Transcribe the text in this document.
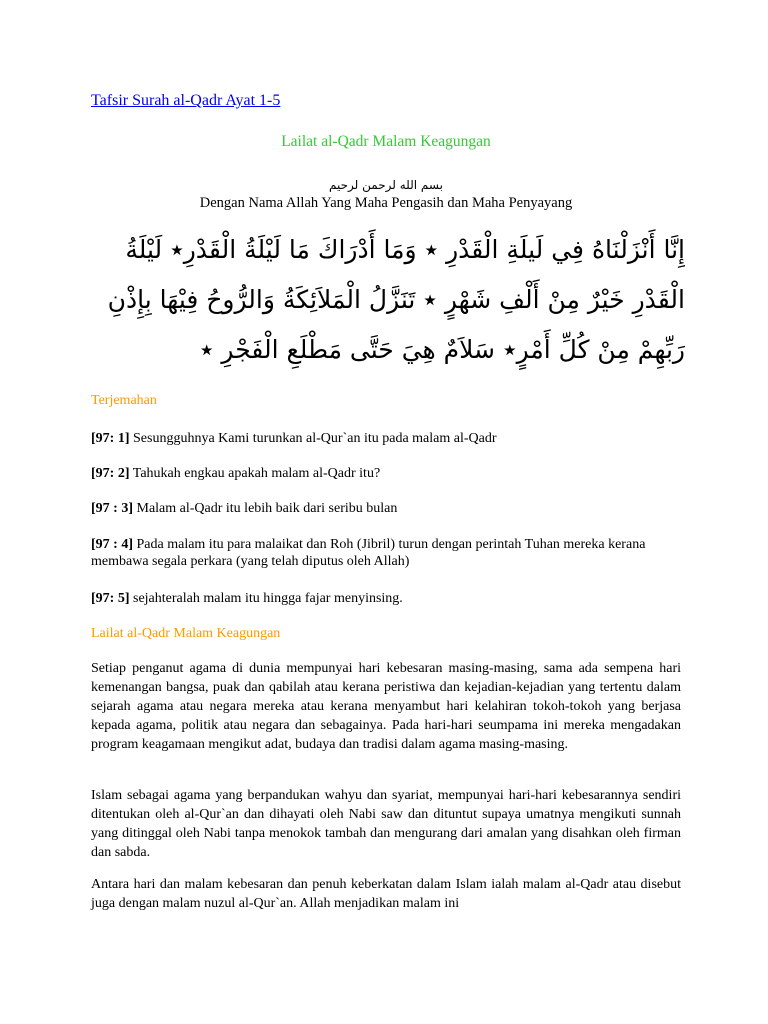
Tafsir Surah al-Qadr Ayat 1-5
Lailat al-Qadr Malam Keagungan
بسم الله لرحمن لرحيم
Dengan Nama Allah Yang Maha Pengasih dan Maha Penyayang
إِنَّا أَنْزَلْنَاهُ فِي لَيلَةِ الْقَدْرِ ٭ وَمَا أَدْرَاكَ مَا لَيْلَةُ الْقَدْرِ٭ لَيْلَةُ الْقَدْرِ خَيْرٌ مِنْ أَلْفِ شَهْرٍ ٭ تَنَزَّلُ الْمَلاَئِكَةُ وَالرُّوحُ فِيْهَا بِإِذْنِ رَبِّهِمْ مِنْ كُلِّ أَمْرٍ٭ سَلاَمٌ هِيَ حَتَّى مَطْلَعِ الْفَجْرِ ٭
Terjemahan
[97: 1] Sesungguhnya Kami turunkan al-Qur`an itu pada malam al-Qadr
[97: 2] Tahukah engkau apakah malam al-Qadr itu?
[97 : 3] Malam al-Qadr itu lebih baik dari seribu bulan
[97 : 4] Pada malam itu para malaikat dan Roh (Jibril) turun dengan perintah Tuhan mereka kerana membawa segala perkara (yang telah diputus oleh Allah)
[97: 5] sejahteralah malam itu hingga fajar menyinsing.
Lailat al-Qadr Malam Keagungan
Setiap penganut agama di dunia mempunyai hari kebesaran masing-masing, sama ada sempena hari kemenangan bangsa, puak dan qabilah atau kerana peristiwa dan kejadian-kejadian yang tertentu dalam sejarah agama atau negara mereka atau kerana menyambut hari kelahiran tokoh-tokoh yang berjasa kepada agama, politik atau negara dan sebagainya. Pada hari-hari seumpama ini mereka mengadakan program keagamaan mengikut adat, budaya dan tradisi dalam agama masing-masing.
Islam sebagai agama yang berpandukan wahyu dan syariat, mempunyai hari-hari kebesarannya sendiri ditentukan oleh al-Qur`an dan dihayati oleh Nabi saw dan dituntut supaya umatnya mengikuti sunnah yang ditinggal oleh Nabi tanpa menokok tambah dan mengurang dari amalan yang disahkan oleh firman dan sabda.
Antara hari dan malam kebesaran dan penuh keberkatan dalam Islam ialah malam al-Qadr atau disebut juga dengan malam nuzul al-Qur`an. Allah menjadikan malam ini
